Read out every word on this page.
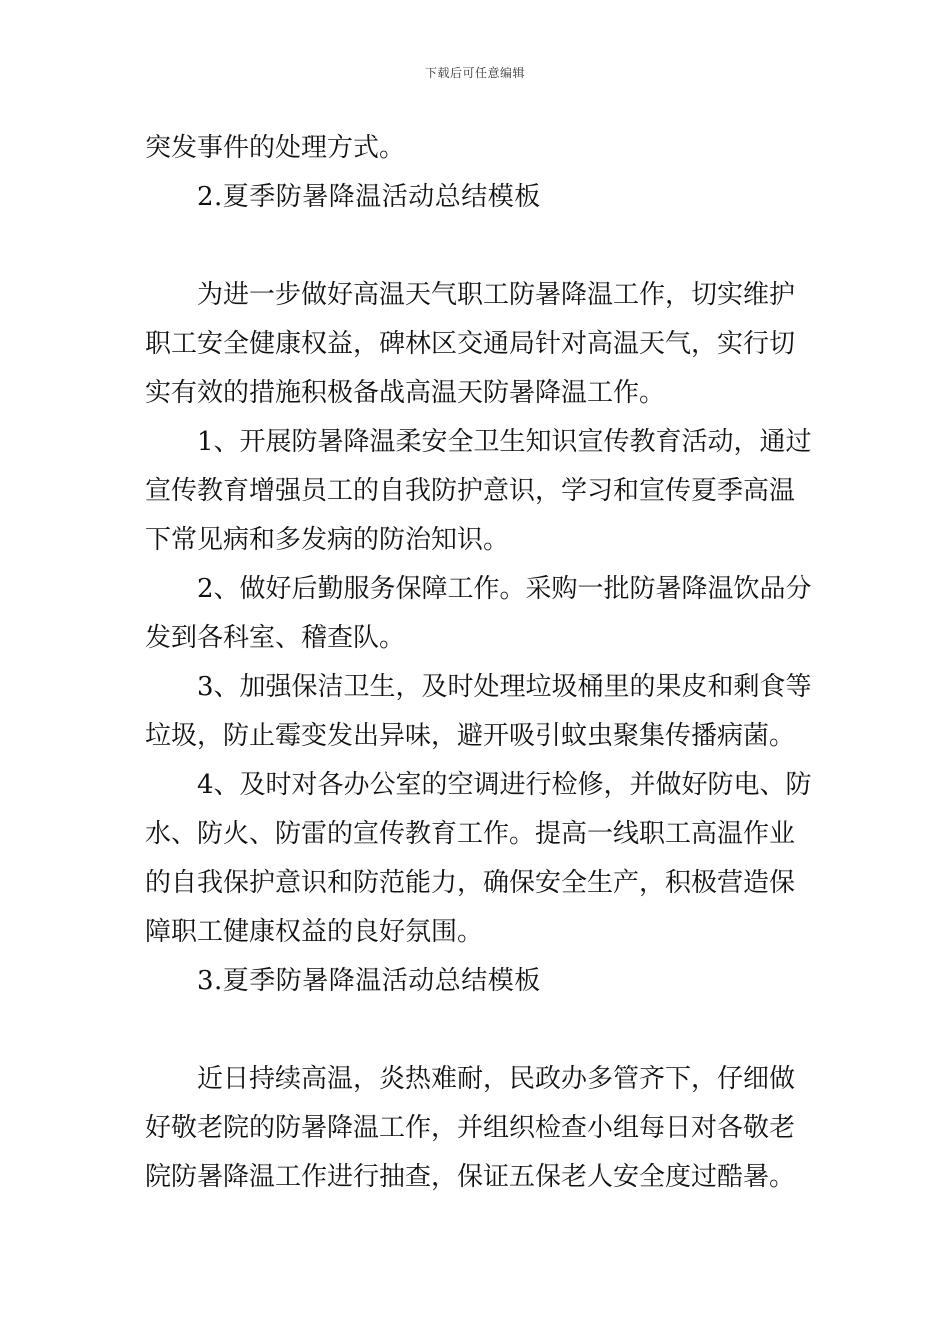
下载后可任意编辑
突发事件的处理方式。
2.夏季防暑降温活动总结模板
为进一步做好高温天气职工防暑降温工作，切实维护
职工安全健康权益，碑林区交通局针对高温天气，实行切
实有效的措施积极备战高温天防暑降温工作。
1、开展防暑降温柔安全卫生知识宣传教育活动，通过
宣传教育增强员工的自我防护意识，学习和宣传夏季高温
下常见病和多发病的防治知识。
2、做好后勤服务保障工作。采购一批防暑降温饮品分
发到各科室、稽查队。
3、加强保洁卫生，及时处理垃圾桶里的果皮和剩食等
垃圾，防止霉变发出异味，避开吸引蚊虫聚集传播病菌。
4、及时对各办公室的空调进行检修，并做好防电、防
水、防火、防雷的宣传教育工作。提高一线职工高温作业
的自我保护意识和防范能力，确保安全生产，积极营造保
障职工健康权益的良好氛围。
3.夏季防暑降温活动总结模板
近日持续高温，炎热难耐，民政办多管齐下，仔细做
好敬老院的防暑降温工作，并组织检查小组每日对各敬老
院防暑降温工作进行抽查，保证五保老人安全度过酷暑。
